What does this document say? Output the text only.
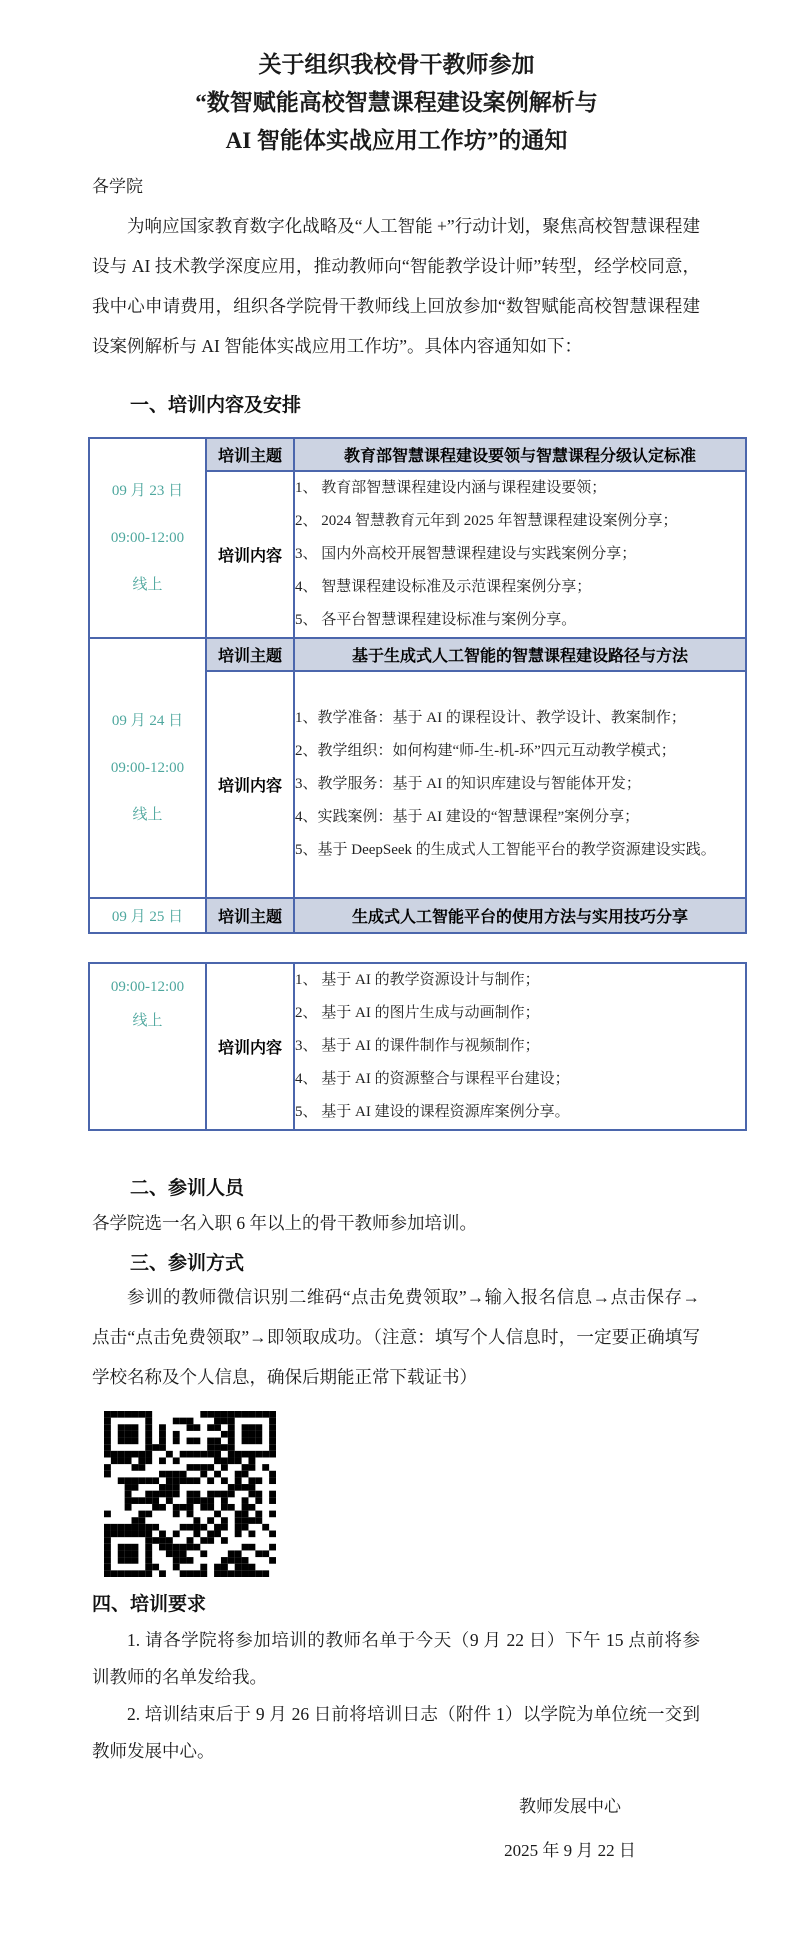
关于组织我校骨干教师参加
“数智赋能高校智慧课程建设案例解析与
AI 智能体实战应用工作坊”的通知
各学院
为响应国家教育数字化战略及“人工智能 +”行动计划，聚焦高校智慧课程建设与 AI 技术教学深度应用，推动教师向“智能教学设计师”转型，经学校同意，我中心申请费用，组织各学院骨干教师线上回放参加“数智赋能高校智慧课程建设案例解析与 AI 智能体实战应用工作坊”。具体内容通知如下：
一、培训内容及安排
09 月 23 日
09:00-12:00
线上	培训主题	教育部智慧课程建设要领与智慧课程分级认定标准
	培训内容	1、 教育部智慧课程建设内涵与课程建设要领；
2、 2024 智慧教育元年到 2025 年智慧课程建设案例分享；
3、 国内外高校开展智慧课程建设与实践案例分享；
4、 智慧课程建设标准及示范课程案例分享；
5、 各平台智慧课程建设标准与案例分享。

09 月 24 日
09:00-12:00
线上	培训主题	基于生成式人工智能的智慧课程建设路径与方法
	培训内容	1、教学准备：基于 AI 的课程设计、教学设计、教案制作；
2、教学组织：如何构建“师-生-机-环”四元互动教学模式；
3、教学服务：基于 AI 的知识库建设与智能体开发；
4、实践案例：基于 AI 建设的“智慧课程”案例分享；
5、基于 DeepSeek 的生成式人工智能平台的教学资源建设实践。

09 月 25 日	培训主题	生成式人工智能平台的使用方法与实用技巧分享
09:00-12:00
线上
	培训内容	
1、 基于 AI 的教学资源设计与制作；
2、 基于 AI 的图片生成与动画制作；
3、 基于 AI 的课件制作与视频制作；
4、 基于 AI 的资源整合与课程平台建设；
5、 基于 AI 建设的课程资源库案例分享。
二、参训人员
各学院选一名入职 6 年以上的骨干教师参加培训。
三、参训方式
参训的教师微信识别二维码“点击免费领取”→输入报名信息→点击保存→点击“点击免费领取”→即领取成功。（注意：填写个人信息时，一定要正确填写学校名称及个人信息，确保后期能正常下载证书）
四、培训要求
1. 请各学院将参加培训的教师名单于今天（9 月 22 日）下午 15 点前将参训教师的名单发给我。
2. 培训结束后于 9 月 26 日前将培训日志（附件 1）以学院为单位统一交到教师发展中心。
教师发展中心
2025 年 9 月 22 日
